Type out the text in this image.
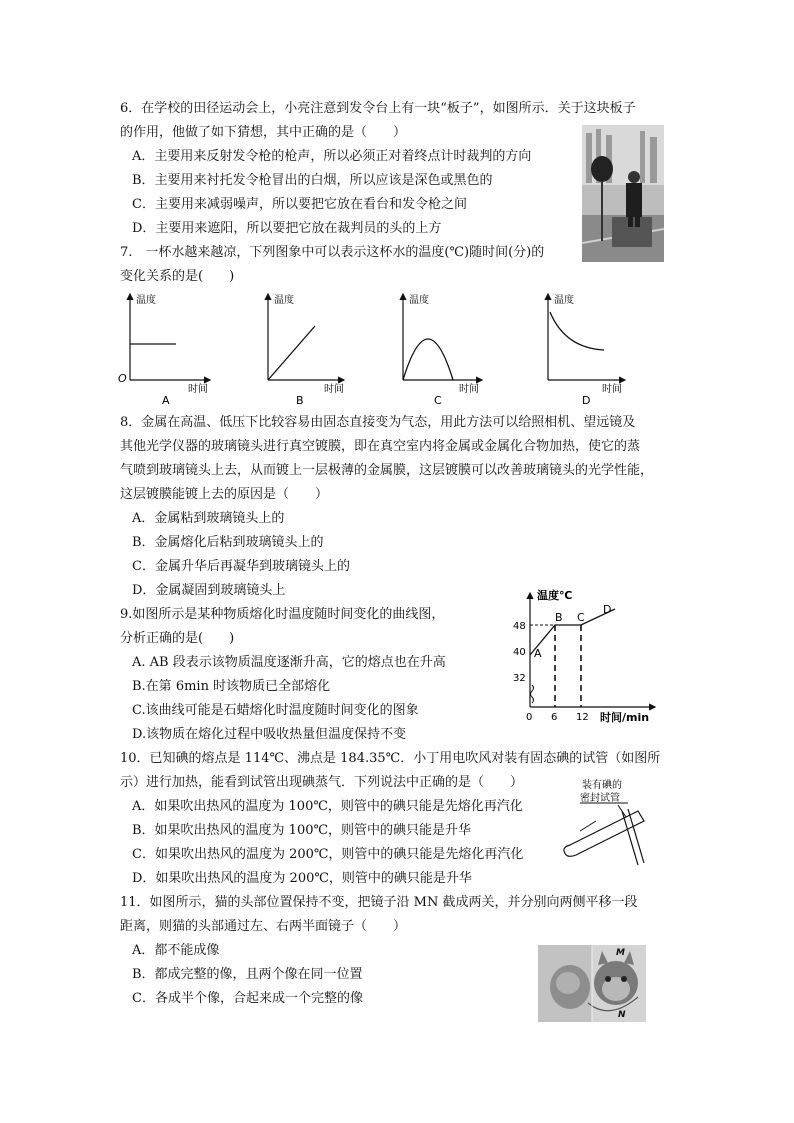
6．在学校的田径运动会上，小亮注意到发令台上有一块“板子”，如图所示．关于这块板子
的作用，他做了如下猜想，其中正确的是（　　）
A．主要用来反射发令枪的枪声，所以必须正对着终点计时裁判的方向
B．主要用来衬托发令枪冒出的白烟，所以应该是深色或黑色的
C．主要用来减弱噪声，所以要把它放在看台和发令枪之间
D．主要用来遮阳，所以要把它放在裁判员的头的上方
7.　一杯水越来越凉，下列图象中可以表示这杯水的温度(℃)随时间(分)的
变化关系的是(　　)
温度
时间
O
A
温度
时间
B
温度
时间
C
温度
时间
D
8．金属在高温、低压下比较容易由固态直接变为气态，用此方法可以给照相机、望远镜及
其他光学仪器的玻璃镜头进行真空镀膜，即在真空室内将金属或金属化合物加热，使它的蒸
气喷到玻璃镜头上去，从而镀上一层极薄的金属膜，这层镀膜可以改善玻璃镜头的光学性能，
这层镀膜能镀上去的原因是（　　）
A．金属粘到玻璃镜头上的
B．金属熔化后粘到玻璃镜头上的
C．金属升华后再凝华到玻璃镜头上的
D．金属凝固到玻璃镜头上
9.如图所示是某种物质熔化时温度随时间变化的曲线图，
分析正确的是(　　)
A. AB 段表示该物质温度逐渐升高，它的熔点也在升高
B.在第 6min 时该物质已全部熔化
C.该曲线可能是石蜡熔化时温度随时间变化的图象
D.该物质在熔化过程中吸收热量但温度保持不变
温度℃
时间/min
48
40
32
0 6 12
A
B C
D
10．已知碘的熔点是 114℃、沸点是 184.35℃．小丁用电吹风对装有固态碘的试管（如图所
示）进行加热，能看到试管出现碘蒸气．下列说法中正确的是（　　）
A．如果吹出热风的温度为 100℃，则管中的碘只能是先熔化再汽化
B．如果吹出热风的温度为 100℃，则管中的碘只能是升华
C．如果吹出热风的温度为 200℃，则管中的碘只能是先熔化再汽化
D．如果吹出热风的温度为 200℃，则管中的碘只能是升华
装有碘的
密封试管
11．如图所示，猫的头部位置保持不变，把镜子沿 MN 截成两关，并分别向两侧平移一段
距离，则猫的头部通过左、右两半面镜子（　　）
A．都不能成像
B．都成完整的像，且两个像在同一位置
C．各成半个像，合起来成一个完整的像
M
N
